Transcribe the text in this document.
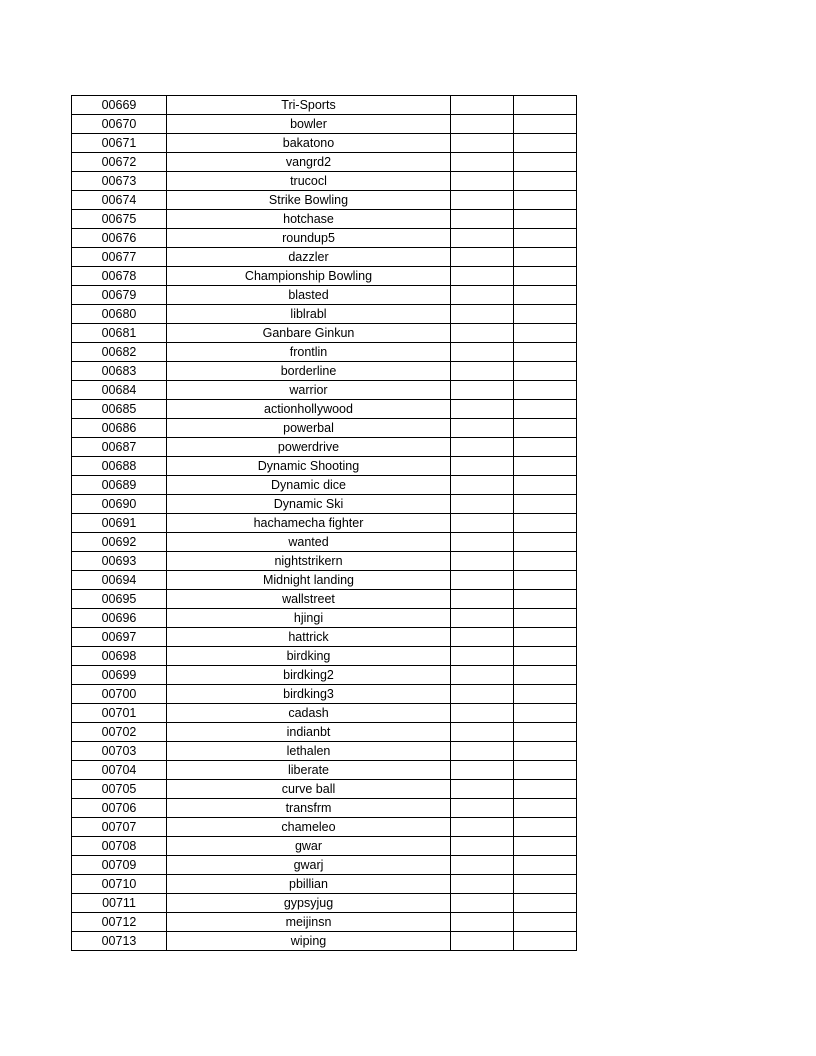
00669	Tri-Sports		
00670	bowler		
00671	bakatono		
00672	vangrd2		
00673	trucocl		
00674	Strike Bowling		
00675	hotchase		
00676	roundup5		
00677	dazzler		
00678	Championship Bowling		
00679	blasted		
00680	liblrabl		
00681	Ganbare Ginkun		
00682	frontlin		
00683	borderline		
00684	warrior		
00685	actionhollywood		
00686	powerbal		
00687	powerdrive		
00688	Dynamic Shooting		
00689	Dynamic dice		
00690	Dynamic Ski		
00691	hachamecha fighter		
00692	wanted		
00693	nightstrikern		
00694	Midnight landing		
00695	wallstreet		
00696	hjingi		
00697	hattrick		
00698	birdking		
00699	birdking2		
00700	birdking3		
00701	cadash		
00702	indianbt		
00703	lethalen		
00704	liberate		
00705	curve ball		
00706	transfrm		
00707	chameleo		
00708	gwar		
00709	gwarj		
00710	pbillian		
00711	gypsyjug		
00712	meijinsn		
00713	wiping		
